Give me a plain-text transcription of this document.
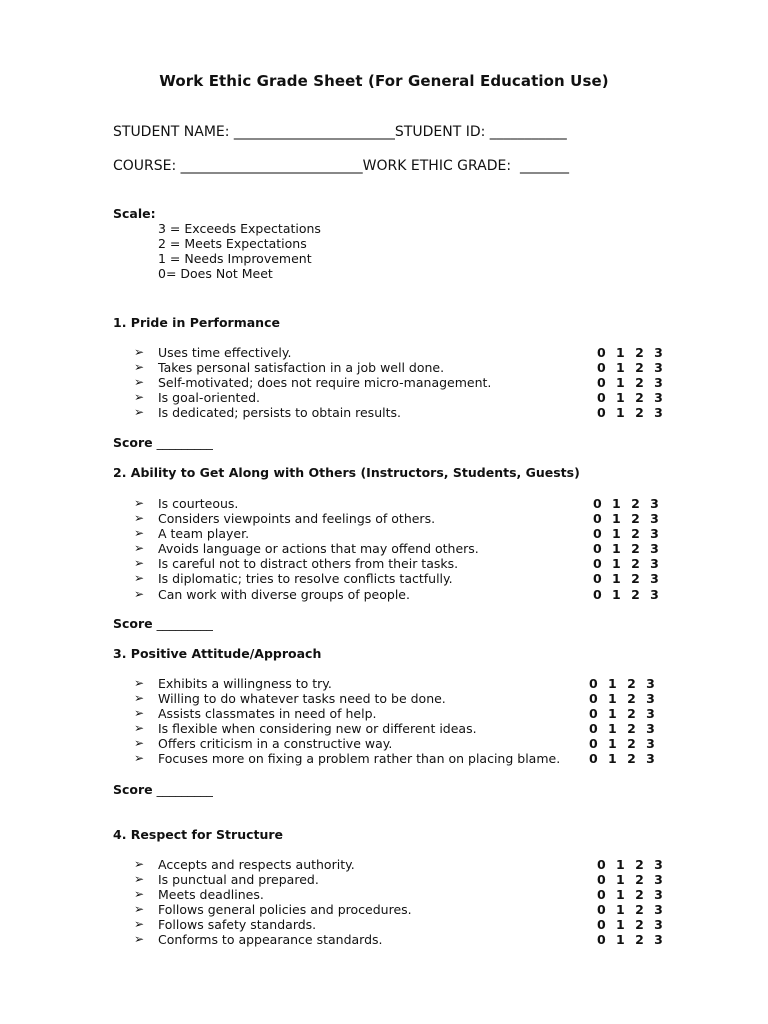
Work Ethic Grade Sheet (For General Education Use)
STUDENT NAME: _______________________STUDENT ID: ___________
COURSE: __________________________WORK ETHIC GRADE:  _______
Scale:
3 = Exceeds Expectations
2 = Meets Expectations
1 = Needs Improvement
0= Does Not Meet
1. Pride in Performance
➢	Uses time effectively.	0 1 2 3
➢	Takes personal satisfaction in a job well done.	0 1 2 3
➢	Self-motivated; does not require micro-management.	0 1 2 3
➢	Is goal-oriented.	0 1 2 3
➢	Is dedicated; persists to obtain results.	0 1 2 3
Score _________
2. Ability to Get Along with Others (Instructors, Students, Guests)
➢	Is courteous.	0 1 2 3
➢	Considers viewpoints and feelings of others.	0 1 2 3
➢	A team player.	0 1 2 3
➢	Avoids language or actions that may offend others.	0 1 2 3
➢	Is careful not to distract others from their tasks.	0 1 2 3
➢	Is diplomatic; tries to resolve conflicts tactfully.	0 1 2 3
➢	Can work with diverse groups of people.	0 1 2 3
Score _________
3. Positive Attitude/Approach
➢	Exhibits a willingness to try.	0 1 2 3
➢	Willing to do whatever tasks need to be done.	0 1 2 3
➢	Assists classmates in need of help.	0 1 2 3
➢	Is flexible when considering new or different ideas.	0 1 2 3
➢	Offers criticism in a constructive way.	0 1 2 3
➢	Focuses more on fixing a problem rather than on placing blame. 0 1 2 3
Score _________
4. Respect for Structure
➢	Accepts and respects authority.	0 1 2 3
➢	Is punctual and prepared.	0 1 2 3
➢	Meets deadlines.	0 1 2 3
➢	Follows general policies and procedures.	0 1 2 3
➢	Follows safety standards.	0 1 2 3
➢	Conforms to appearance standards.	0 1 2 3
